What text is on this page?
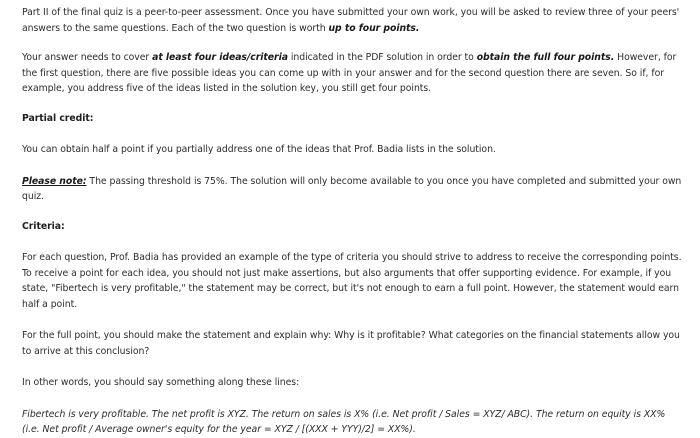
Part II of the final quiz is a peer-to-peer assessment. Once you have submitted your own work, you will be asked to review three of your peers' answers to the same questions. Each of the two question is worth up to four points.

Your answer needs to cover at least four ideas/criteria indicated in the PDF solution in order to obtain the full four points. However, for the first question, there are five possible ideas you can come up with in your answer and for the second question there are seven. So if, for example, you address five of the ideas listed in the solution key, you still get four points.

Partial credit:

You can obtain half a point if you partially address one of the ideas that Prof. Badia lists in the solution.

Please note: The passing threshold is 75%. The solution will only become available to you once you have completed and submitted your own quiz.

Criteria:

For each question, Prof. Badia has provided an example of the type of criteria you should strive to address to receive the corresponding points. To receive a point for each idea, you should not just make assertions, but also arguments that offer supporting evidence. For example, if you state, "Fibertech is very profitable," the statement may be correct, but it's not enough to earn a full point. However, the statement would earn half a point.

For the full point, you should make the statement and explain why: Why is it profitable? What categories on the financial statements allow you to arrive at this conclusion?

In other words, you should say something along these lines:

Fibertech is very profitable. The net profit is XYZ. The return on sales is X% (i.e. Net profit / Sales = XYZ/ ABC). The return on equity is XX% (i.e. Net profit / Average owner's equity for the year = XYZ / [(XXX + YYY)/2] = XX%).
